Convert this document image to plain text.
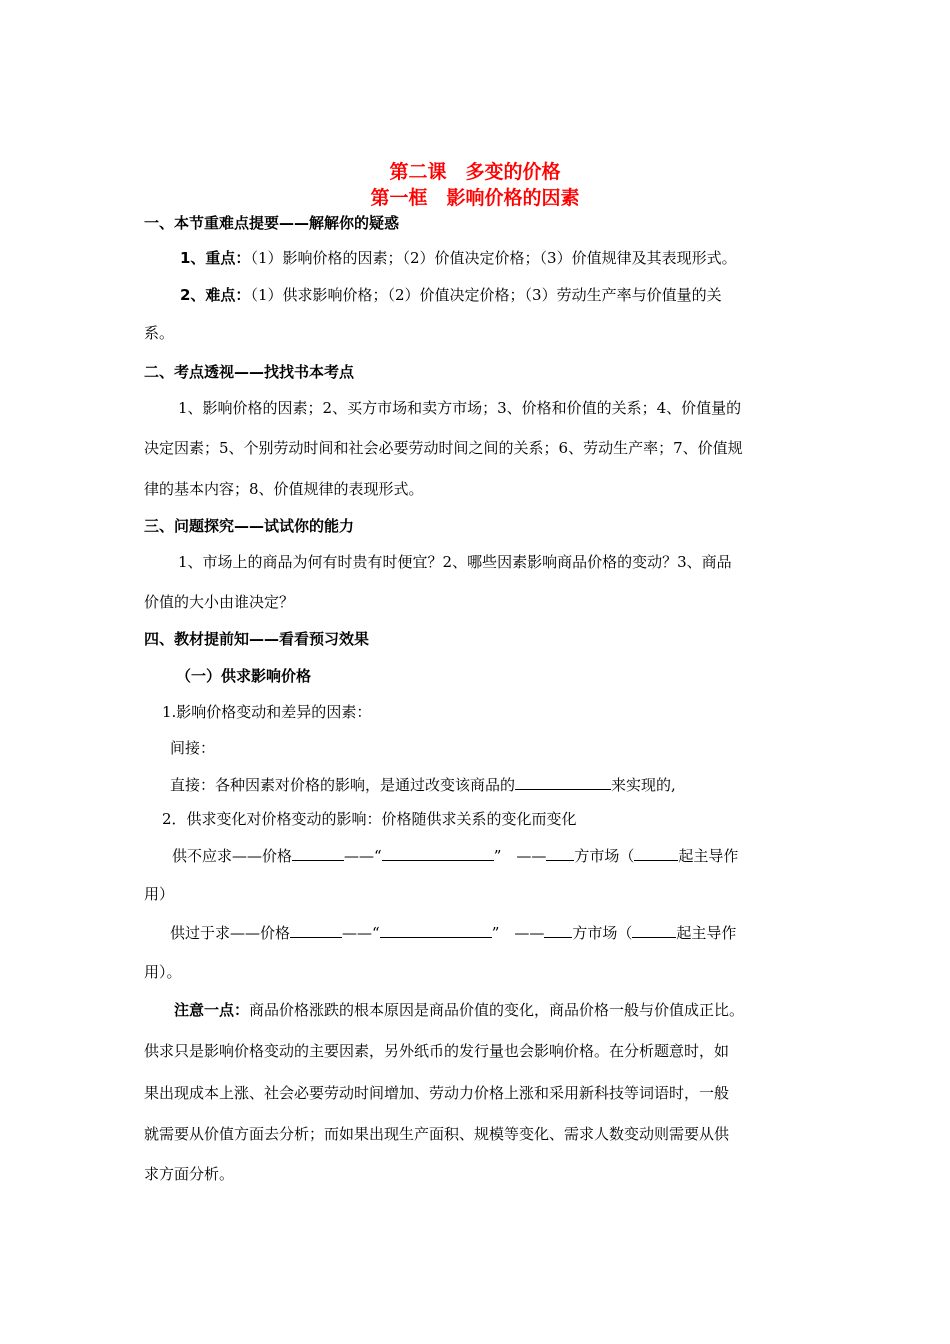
第二课　多变的价格
第一框　影响价格的因素
一、本节重难点提要——解解你的疑惑
1、重点：（1）影响价格的因素；（2）价值决定价格；（3）价值规律及其表现形式。
2、难点：（1）供求影响价格；（2）价值决定价格；（3）劳动生产率与价值量的关
系。
二、考点透视——找找书本考点
1、影响价格的因素；2、买方市场和卖方市场；3、价格和价值的关系；4、价值量的
决定因素；5、个别劳动时间和社会必要劳动时间之间的关系；6、劳动生产率；7、价值规
律的基本内容；8、价值规律的表现形式。
三、问题探究——试试你的能力
1、市场上的商品为何有时贵有时便宜？2、哪些因素影响商品价格的变动？3、商品
价值的大小由谁决定？
四、教材提前知——看看预习效果
（一）供求影响价格
1.影响价格变动和差异的因素：
间接：
直接：各种因素对价格的影响，是通过改变该商品的	来实现的,
2．供求变化对价格变动的影响：价格随供求关系的变化而变化
供不应求——价格	——“	”　—— 方市场（	起主导作
用）
供过于求——价格	——“	”　—— 方市场（	起主导作
用）。
注意一点：商品价格涨跌的根本原因是商品价值的变化，商品价格一般与价值成正比。
供求只是影响价格变动的主要因素，另外纸币的发行量也会影响价格。在分析题意时，如
果出现成本上涨、社会必要劳动时间增加、劳动力价格上涨和采用新科技等词语时，一般
就需要从价值方面去分析；而如果出现生产面积、规模等变化、需求人数变动则需要从供
求方面分析。
